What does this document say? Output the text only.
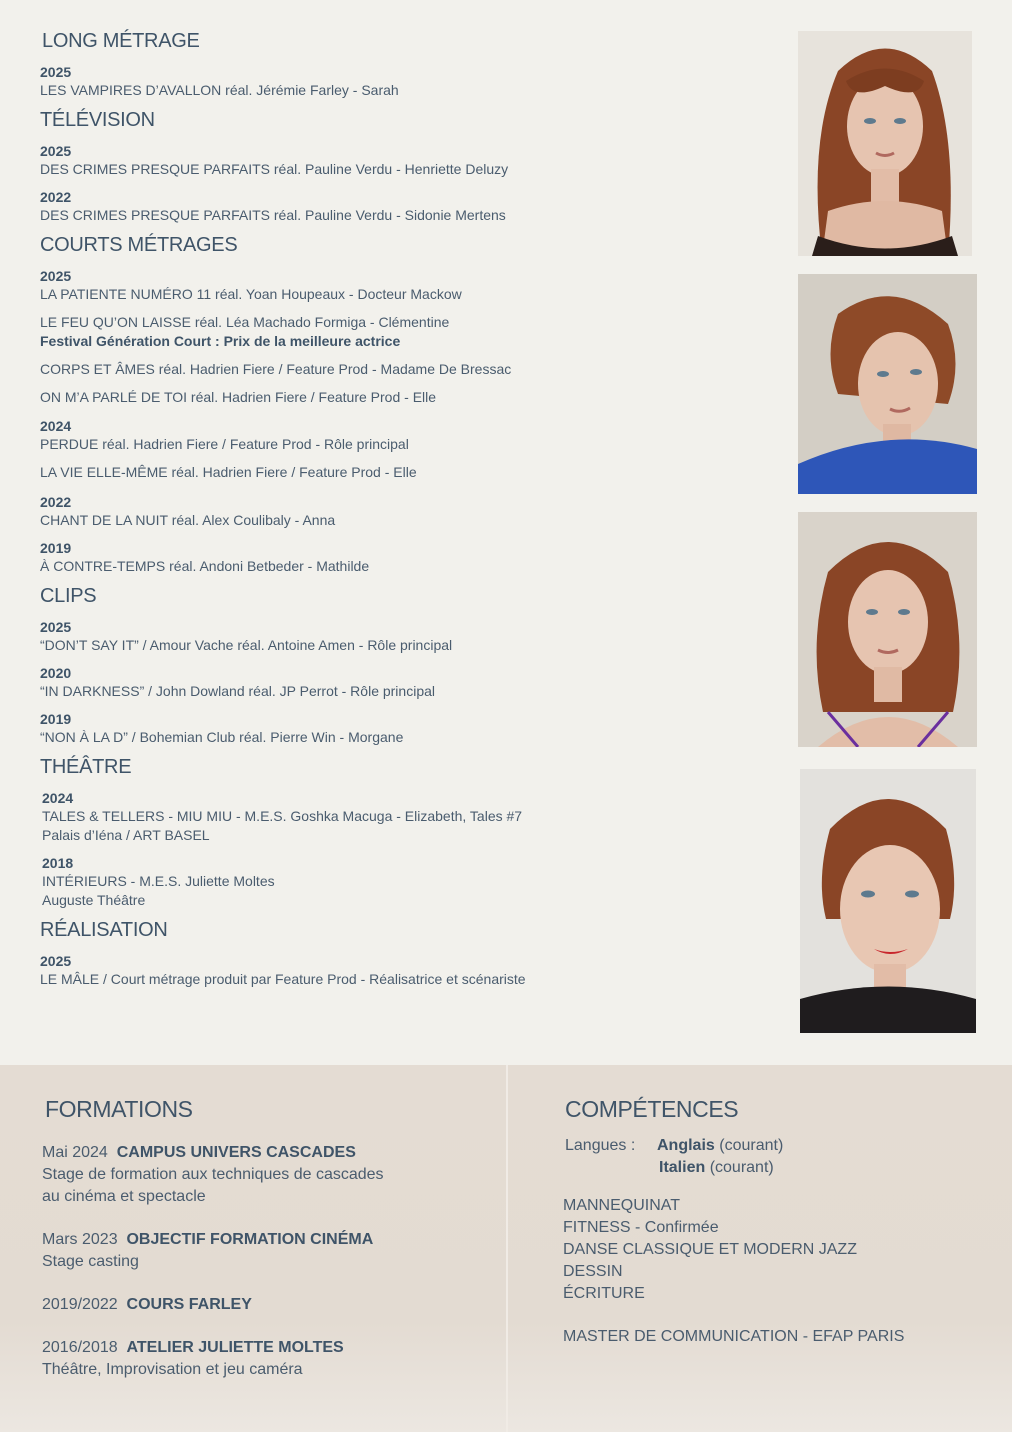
LONG MÉTRAGE
2025
LES VAMPIRES D’AVALLON réal. Jérémie Farley - Sarah
TÉLÉVISION
2025
DES CRIMES PRESQUE PARFAITS réal. Pauline Verdu - Henriette Deluzy
2022
DES CRIMES PRESQUE PARFAITS réal. Pauline Verdu - Sidonie Mertens
COURTS MÉTRAGES
2025
LA PATIENTE NUMÉRO 11 réal. Yoan Houpeaux - Docteur Mackow
LE FEU QU’ON LAISSE réal. Léa Machado Formiga - Clémentine
Festival Génération Court : Prix de la meilleure actrice
CORPS ET ÂMES réal. Hadrien Fiere / Feature Prod - Madame De Bressac
ON M’A PARLÉ DE TOI réal. Hadrien Fiere / Feature Prod - Elle
2024
PERDUE réal. Hadrien Fiere / Feature Prod - Rôle principal
LA VIE ELLE-MÊME réal. Hadrien Fiere / Feature Prod - Elle
2022
CHANT DE LA NUIT réal. Alex Coulibaly - Anna
2019
À CONTRE-TEMPS réal. Andoni Betbeder - Mathilde
CLIPS
2025
“DON’T SAY IT” / Amour Vache réal. Antoine Amen - Rôle principal
2020
“IN DARKNESS” / John Dowland réal. JP Perrot - Rôle principal
2019
“NON À LA D” / Bohemian Club réal. Pierre Win - Morgane
THÉÂTRE
2024
TALES & TELLERS - MIU MIU - M.E.S. Goshka Macuga - Elizabeth, Tales #7
Palais d’Iéna / ART BASEL
2018
INTÉRIEURS - M.E.S. Juliette Moltes
Auguste Théâtre
RÉALISATION
2025
LE MÂLE / Court métrage produit par Feature Prod - Réalisatrice et scénariste
FORMATIONS
Mai 2024 CAMPUS UNIVERS CASCADES
Stage de formation aux techniques de cascades
au cinéma et spectacle
Mars 2023 OBJECTIF FORMATION CINÉMA
Stage casting
2019/2022 COURS FARLEY
2016/2018 ATELIER JULIETTE MOLTES
Théâtre, Improvisation et jeu caméra
COMPÉTENCES
Langues : Anglais (courant)
Italien (courant)
MANNEQUINAT
FITNESS - Confirmée
DANSE CLASSIQUE ET MODERN JAZZ
DESSIN
ÉCRITURE
MASTER DE COMMUNICATION - EFAP PARIS
